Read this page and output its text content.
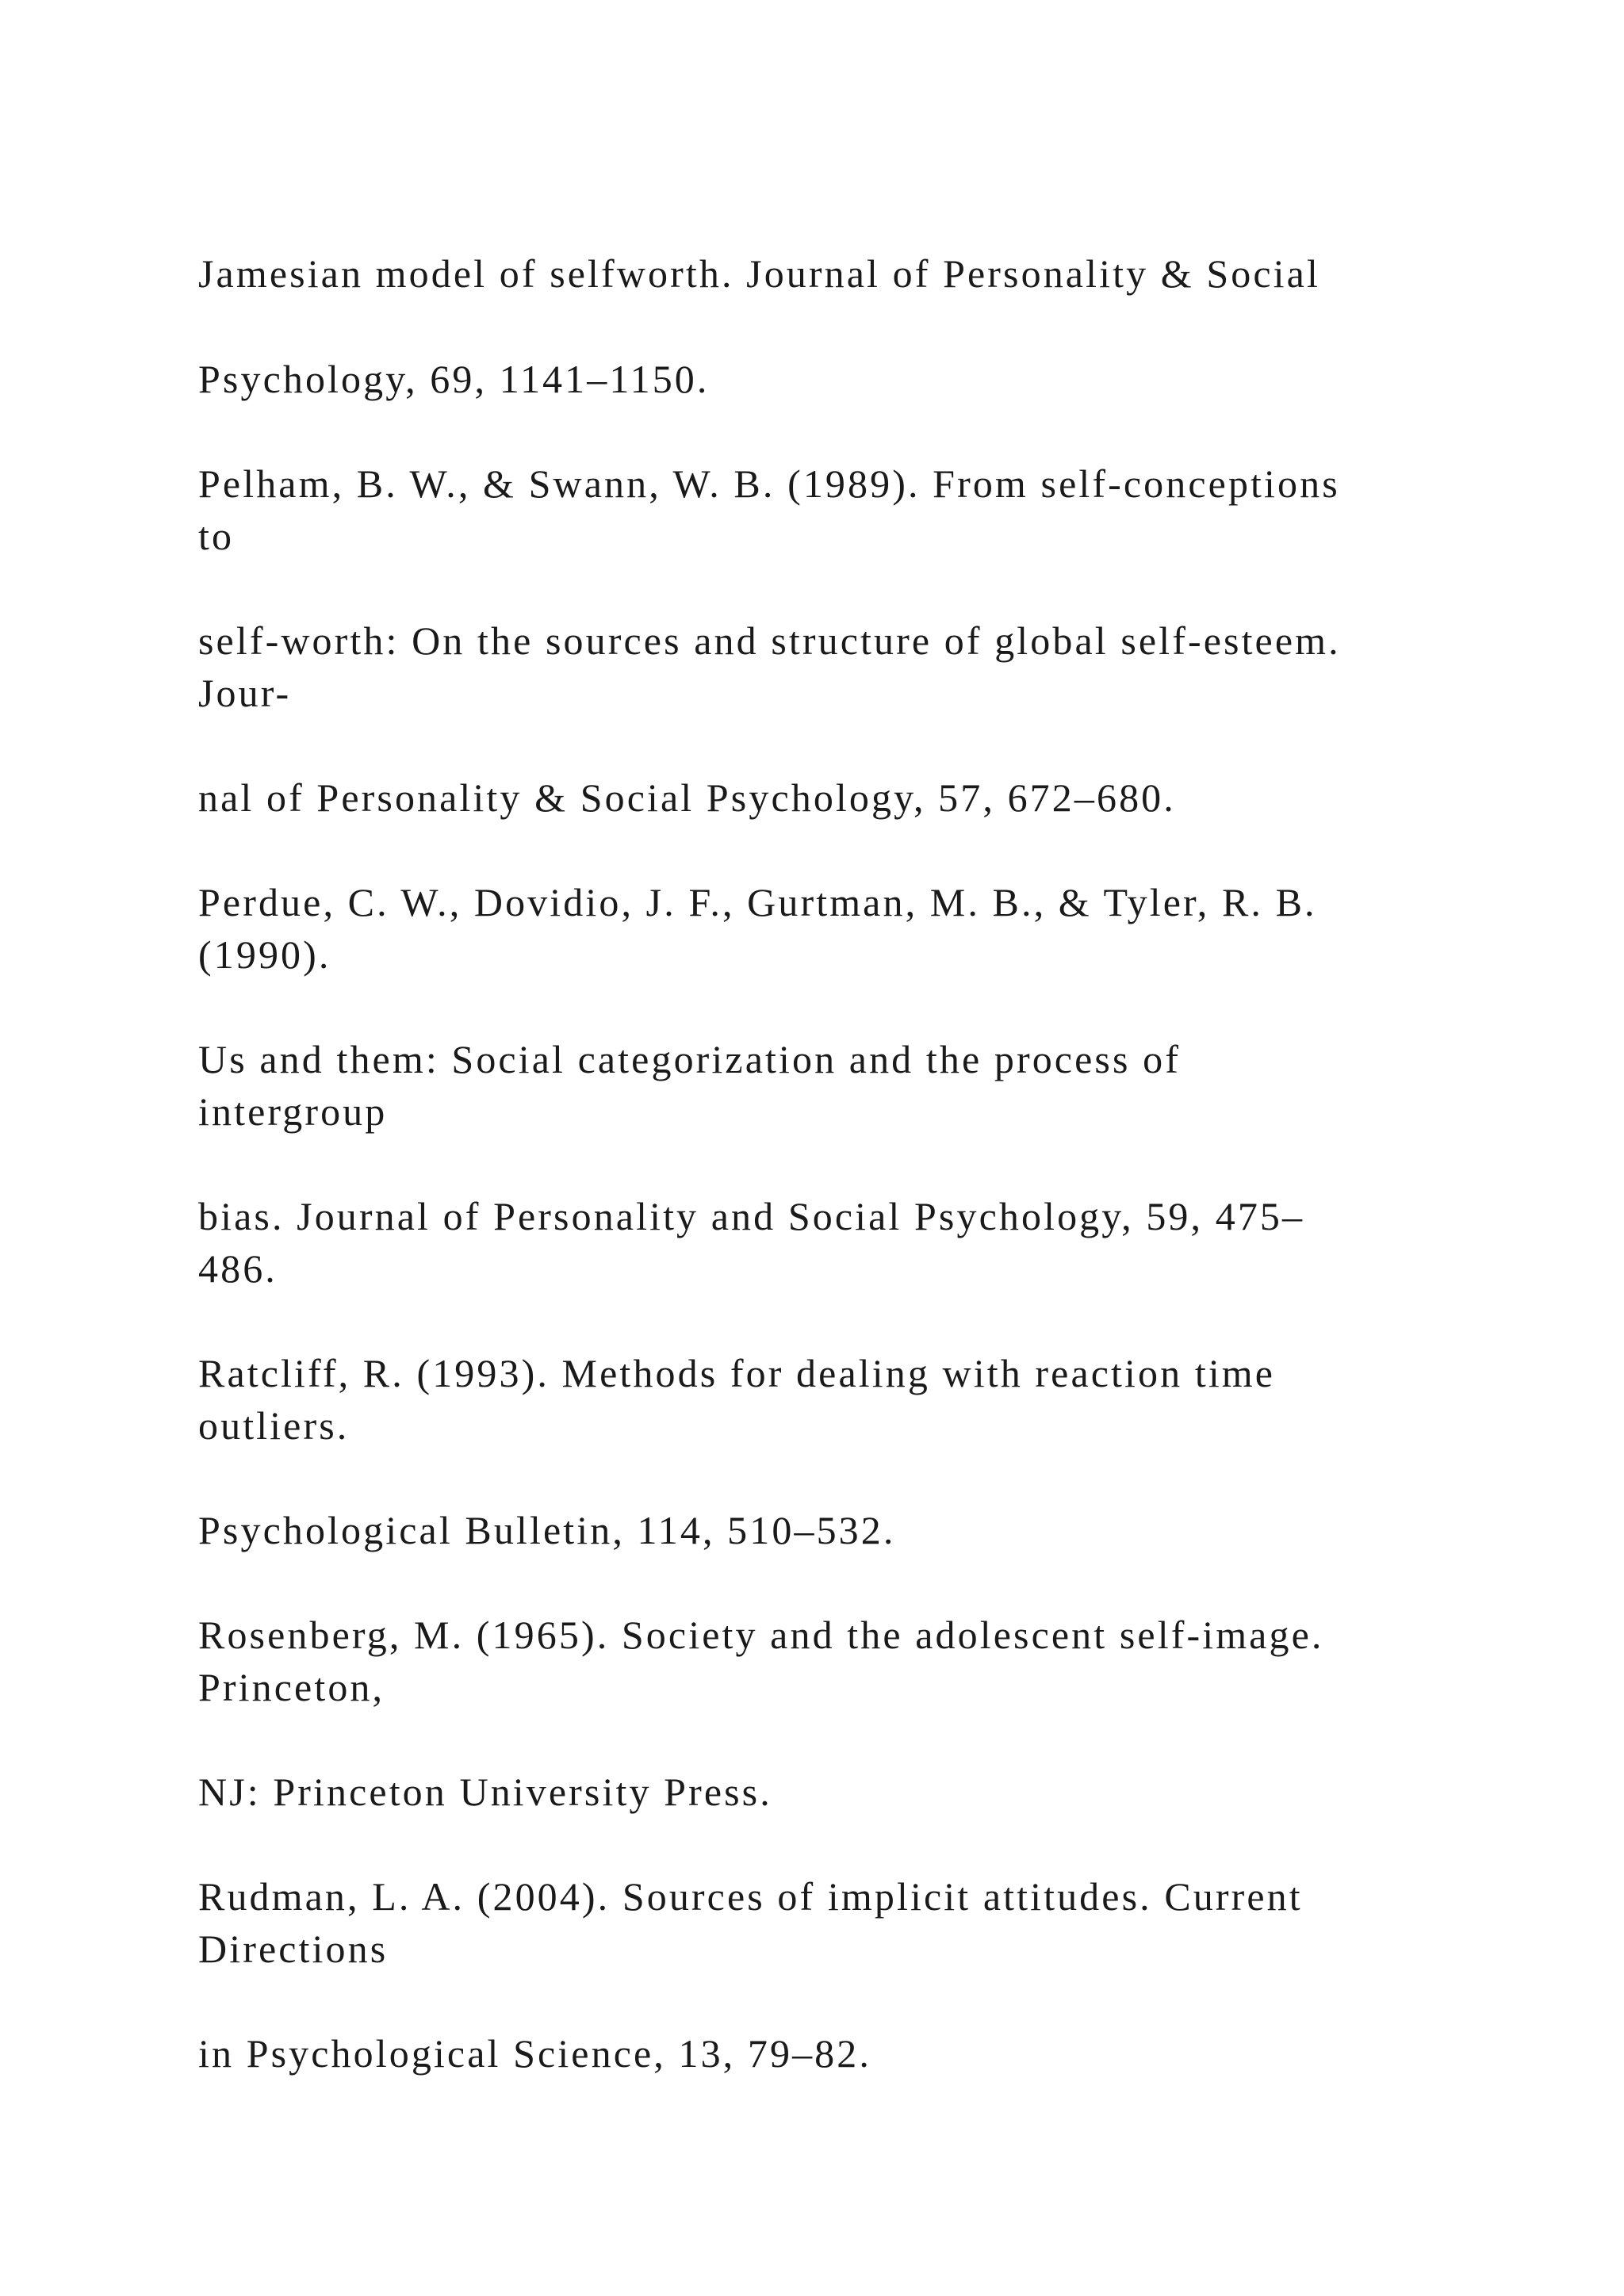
Jamesian model of selfworth. Journal of Personality & Social

Psychology, 69, 1141–1150.

Pelham, B. W., & Swann, W. B. (1989). From self-conceptions

to

self-worth: On the sources and structure of global self-esteem.

Jour-

nal of Personality & Social Psychology, 57, 672–680.

Perdue, C. W., Dovidio, J. F., Gurtman, M. B., & Tyler, R. B.

(1990).

Us and them: Social categorization and the process of

intergroup

bias. Journal of Personality and Social Psychology, 59, 475–

486.

Ratcliff, R. (1993). Methods for dealing with reaction time

outliers.

Psychological Bulletin, 114, 510–532.

Rosenberg, M. (1965). Society and the adolescent self-image.

Princeton,

NJ: Princeton University Press.

Rudman, L. A. (2004). Sources of implicit attitudes. Current

Directions

in Psychological Science, 13, 79–82.
